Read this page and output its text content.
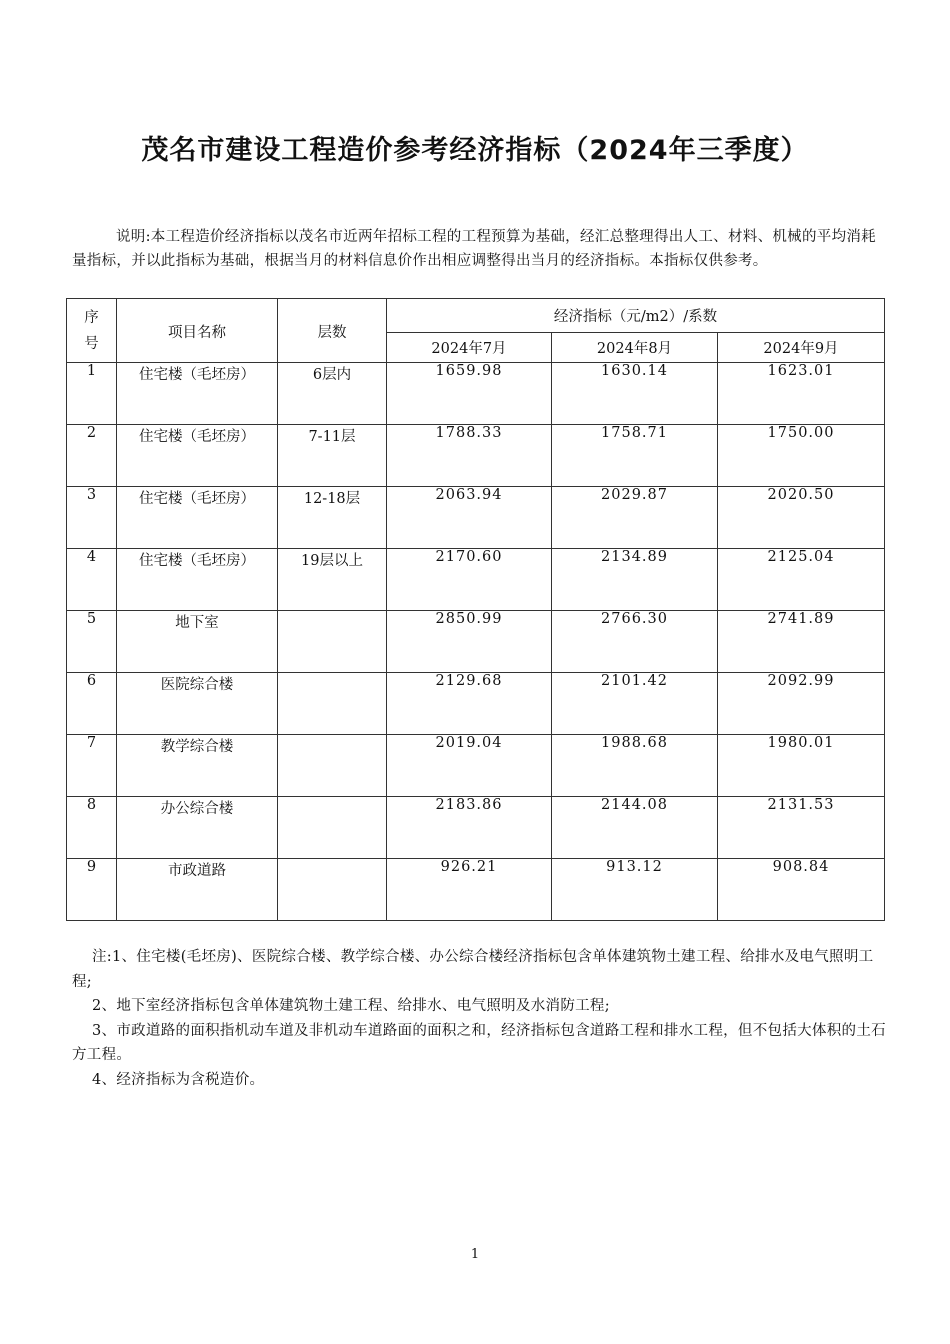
茂名市建设工程造价参考经济指标（2024年三季度）

说明:本工程造价经济指标以茂名市近两年招标工程的工程预算为基础，经汇总整理得出人工、材料、机械的平均消耗量指标，并以此指标为基础，根据当月的材料信息价作出相应调整得出当月的经济指标。本指标仅供参考。

序号	项目名称	层数	经济指标（元/m2）/系数		
			2024年7月	2024年8月	2024年9月
1	住宅楼（毛坯房）	6层内	1659.98	1630.14	1623.01
2	住宅楼（毛坯房）	7-11层	1788.33	1758.71	1750.00
3	住宅楼（毛坯房）	12-18层	2063.94	2029.87	2020.50
4	住宅楼（毛坯房）	19层以上	2170.60	2134.89	2125.04
5	地下室		2850.99	2766.30	2741.89
6	医院综合楼		2129.68	2101.42	2092.99
7	教学综合楼		2019.04	1988.68	1980.01
8	办公综合楼		2183.86	2144.08	2131.53
9	市政道路		926.21	913.12	908.84

注:1、住宅楼(毛坯房)、医院综合楼、教学综合楼、办公综合楼经济指标包含单体建筑物土建工程、给排水及电气照明工程;

2、地下室经济指标包含单体建筑物土建工程、给排水、电气照明及水消防工程;

3、市政道路的面积指机动车道及非机动车道路面的面积之和，经济指标包含道路工程和排水工程，但不包括大体积的土石方工程。

4、经济指标为含税造价。

1
